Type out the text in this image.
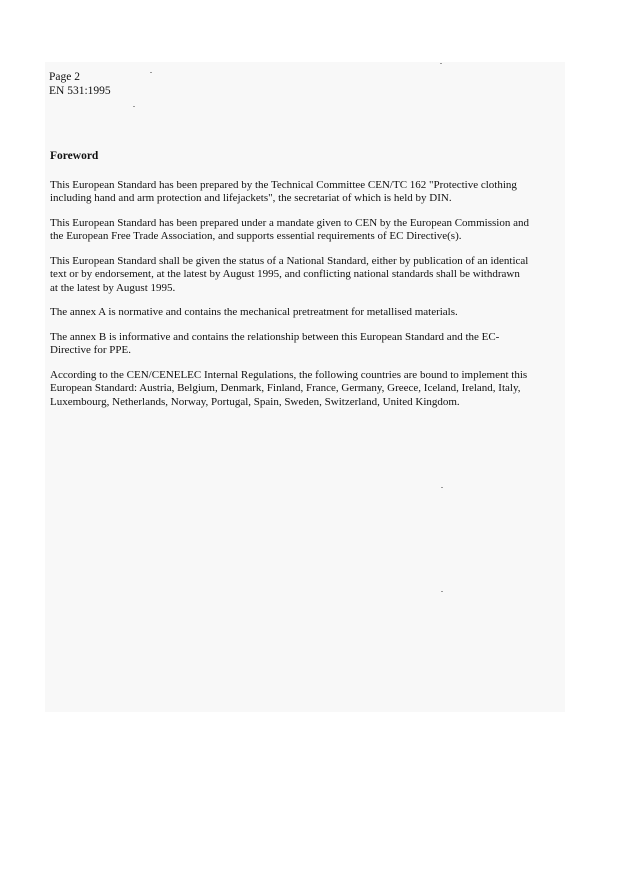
Page 2
EN 531:1995
Foreword
This European Standard has been prepared by the Technical Committee CEN/TC 162 "Protective clothing
including hand and arm protection and lifejackets", the secretariat of which is held by DIN.
This European Standard has been prepared under a mandate given to CEN by the European Commission and
the European Free Trade Association, and supports essential requirements of EC Directive(s).
This European Standard shall be given the status of a National Standard, either by publication of an identical
text or by endorsement, at the latest by August 1995, and conflicting national standards shall be withdrawn
at the latest by August 1995.
The annex A is normative and contains the mechanical pretreatment for metallised materials.
The annex B is informative and contains the relationship between this European Standard and the EC-
Directive for PPE.
According to the CEN/CENELEC Internal Regulations, the following countries are bound to implement this
European Standard: Austria, Belgium, Denmark, Finland, France, Germany, Greece, Iceland, Ireland, Italy,
Luxembourg, Netherlands, Norway, Portugal, Spain, Sweden, Switzerland, United Kingdom.
